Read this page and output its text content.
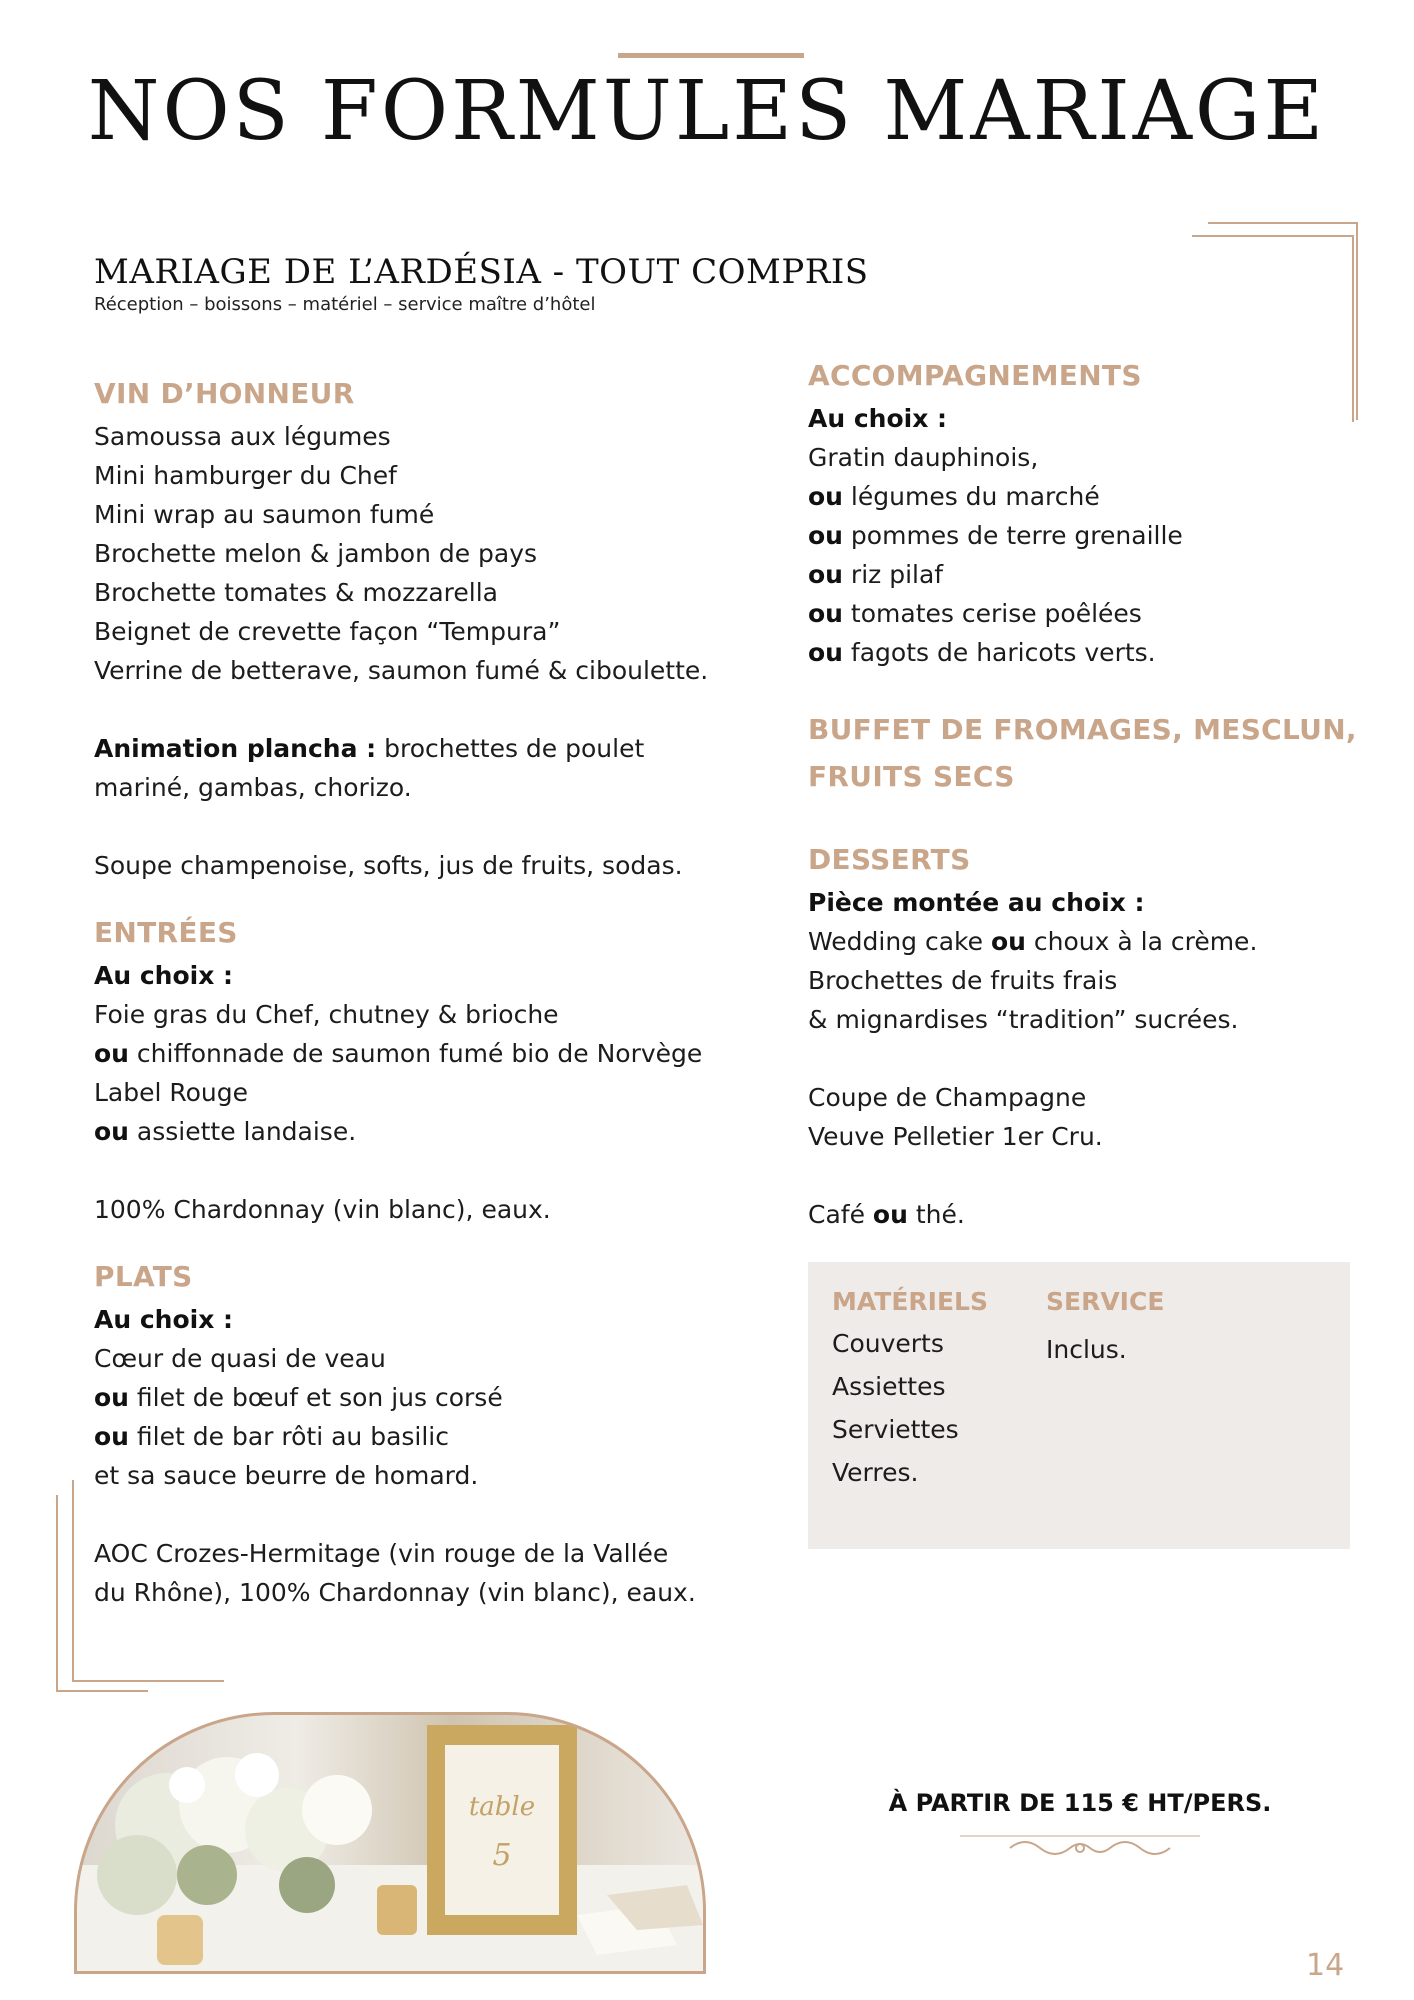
NOS FORMULES MARIAGE
MARIAGE DE L’ARDÉSIA - TOUT COMPRIS
Réception – boissons – matériel – service maître d’hôtel
VIN D’HONNEUR
Samoussa aux légumes
Mini hamburger du Chef
Mini wrap au saumon fumé
Brochette melon & jambon de pays
Brochette tomates & mozzarella
Beignet de crevette façon “Tempura”
Verrine de betterave, saumon fumé & ciboulette.
Animation plancha : brochettes de poulet
mariné, gambas, chorizo.
Soupe champenoise, softs, jus de fruits, sodas.
ENTRÉES
Au choix :
Foie gras du Chef, chutney & brioche
ou chiffonnade de saumon fumé bio de Norvège
Label Rouge
ou assiette landaise.
100% Chardonnay (vin blanc), eaux.
PLATS
Au choix :
Cœur de quasi de veau
ou filet de bœuf et son jus corsé
ou filet de bar rôti au basilic
et sa sauce beurre de homard.
AOC Crozes-Hermitage (vin rouge de la Vallée
du Rhône), 100% Chardonnay (vin blanc), eaux.
ACCOMPAGNEMENTS
Au choix :
Gratin dauphinois,
ou légumes du marché
ou pommes de terre grenaille
ou riz pilaf
ou tomates cerise poêlées
ou fagots de haricots verts.
BUFFET DE FROMAGES, MESCLUN,
FRUITS SECS
DESSERTS
Pièce montée au choix :
Wedding cake ou choux à la crème.
Brochettes de fruits frais
& mignardises “tradition” sucrées.
Coupe de Champagne
Veuve Pelletier 1er Cru.
Café ou thé.
MATÉRIELS
Couverts
Assiettes
Serviettes
Verres.
SERVICE
Inclus.
table
5
À PARTIR DE 115 € HT/PERS.
14
